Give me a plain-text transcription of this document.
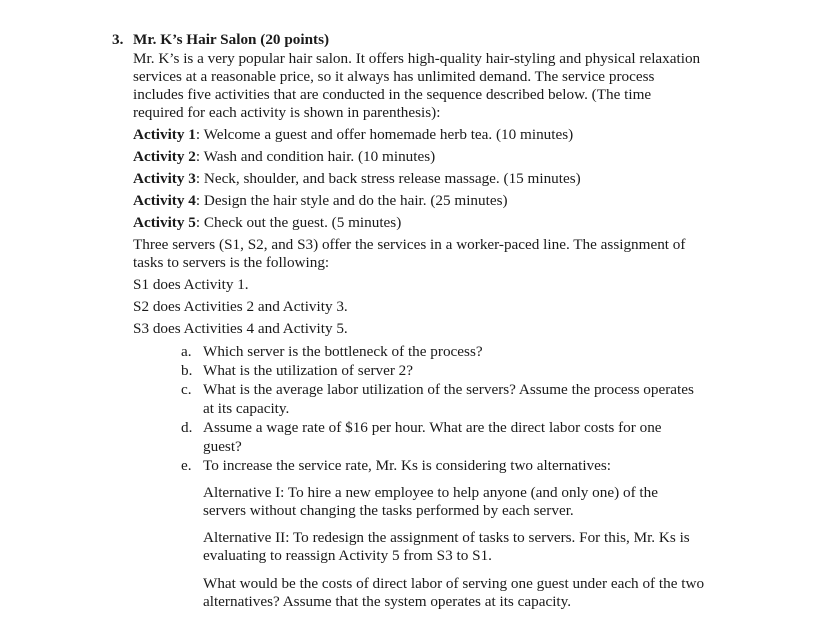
3. Mr. K’s Hair Salon (20 points)
Mr. K’s is a very popular hair salon. It offers high-quality hair-styling and physical relaxation
services at a reasonable price, so it always has unlimited demand. The service process
includes five activities that are conducted in the sequence described below. (The time
required for each activity is shown in parenthesis):
Activity 1: Welcome a guest and offer homemade herb tea. (10 minutes)
Activity 2: Wash and condition hair. (10 minutes)
Activity 3: Neck, shoulder, and back stress release massage. (15 minutes)
Activity 4: Design the hair style and do the hair. (25 minutes)
Activity 5: Check out the guest. (5 minutes)
Three servers (S1, S2, and S3) offer the services in a worker-paced line. The assignment of
tasks to servers is the following:
S1 does Activity 1.
S2 does Activities 2 and Activity 3.
S3 does Activities 4 and Activity 5.
a. Which server is the bottleneck of the process?
b. What is the utilization of server 2?
c. What is the average labor utilization of the servers? Assume the process operates
at its capacity.
d. Assume a wage rate of $16 per hour. What are the direct labor costs for one
guest?
e. To increase the service rate, Mr. Ks is considering two alternatives:
Alternative I: To hire a new employee to help anyone (and only one) of the
servers without changing the tasks performed by each server.
Alternative II: To redesign the assignment of tasks to servers. For this, Mr. Ks is
evaluating to reassign Activity 5 from S3 to S1.
What would be the costs of direct labor of serving one guest under each of the two
alternatives? Assume that the system operates at its capacity.
